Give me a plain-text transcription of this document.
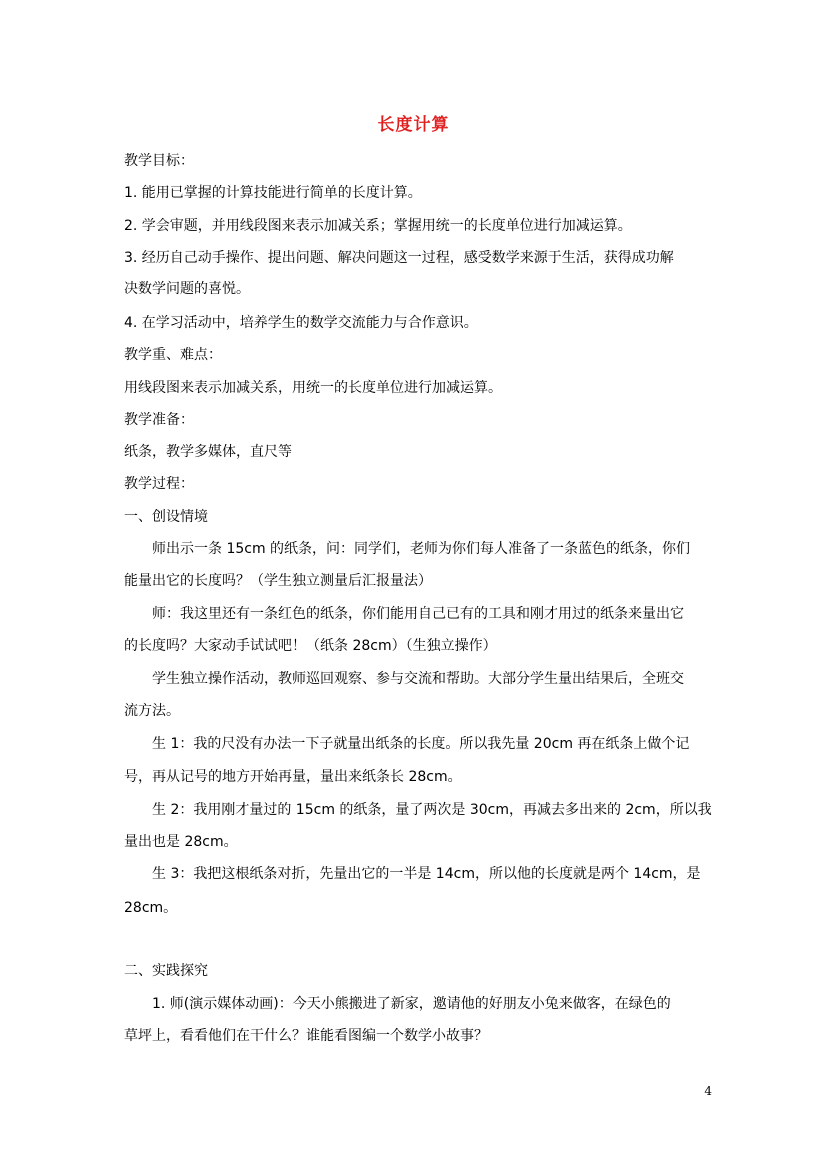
长度计算
教学目标：
1. 能用已掌握的计算技能进行简单的长度计算。
2. 学会审题，并用线段图来表示加减关系；掌握用统一的长度单位进行加减运算。
3. 经历自己动手操作、提出问题、解决问题这一过程，感受数学来源于生活，获得成功解
决数学问题的喜悦。
4. 在学习活动中，培养学生的数学交流能力与合作意识。
教学重、难点：
用线段图来表示加减关系，用统一的长度单位进行加减运算。
教学准备：
纸条，教学多媒体，直尺等
教学过程：
一、创设情境
师出示一条 15cm 的纸条，问：同学们，老师为你们每人准备了一条蓝色的纸条，你们
能量出它的长度吗？（学生独立测量后汇报量法）
师：我这里还有一条红色的纸条，你们能用自己已有的工具和刚才用过的纸条来量出它
的长度吗？大家动手试试吧！（纸条 28cm）（生独立操作）
学生独立操作活动，教师巡回观察、参与交流和帮助。大部分学生量出结果后，全班交
流方法。
生 1：我的尺没有办法一下子就量出纸条的长度。所以我先量 20cm 再在纸条上做个记
号，再从记号的地方开始再量，量出来纸条长 28cm。
生 2：我用刚才量过的 15cm 的纸条，量了两次是 30cm，再减去多出来的 2cm，所以我
量出也是 28cm。
生 3：我把这根纸条对折，先量出它的一半是 14cm，所以他的长度就是两个 14cm，是
28cm。
二、实践探究
1. 师(演示媒体动画)：今天小熊搬进了新家，邀请他的好朋友小兔来做客，在绿色的
草坪上，看看他们在干什么？谁能看图编一个数学小故事？
4
